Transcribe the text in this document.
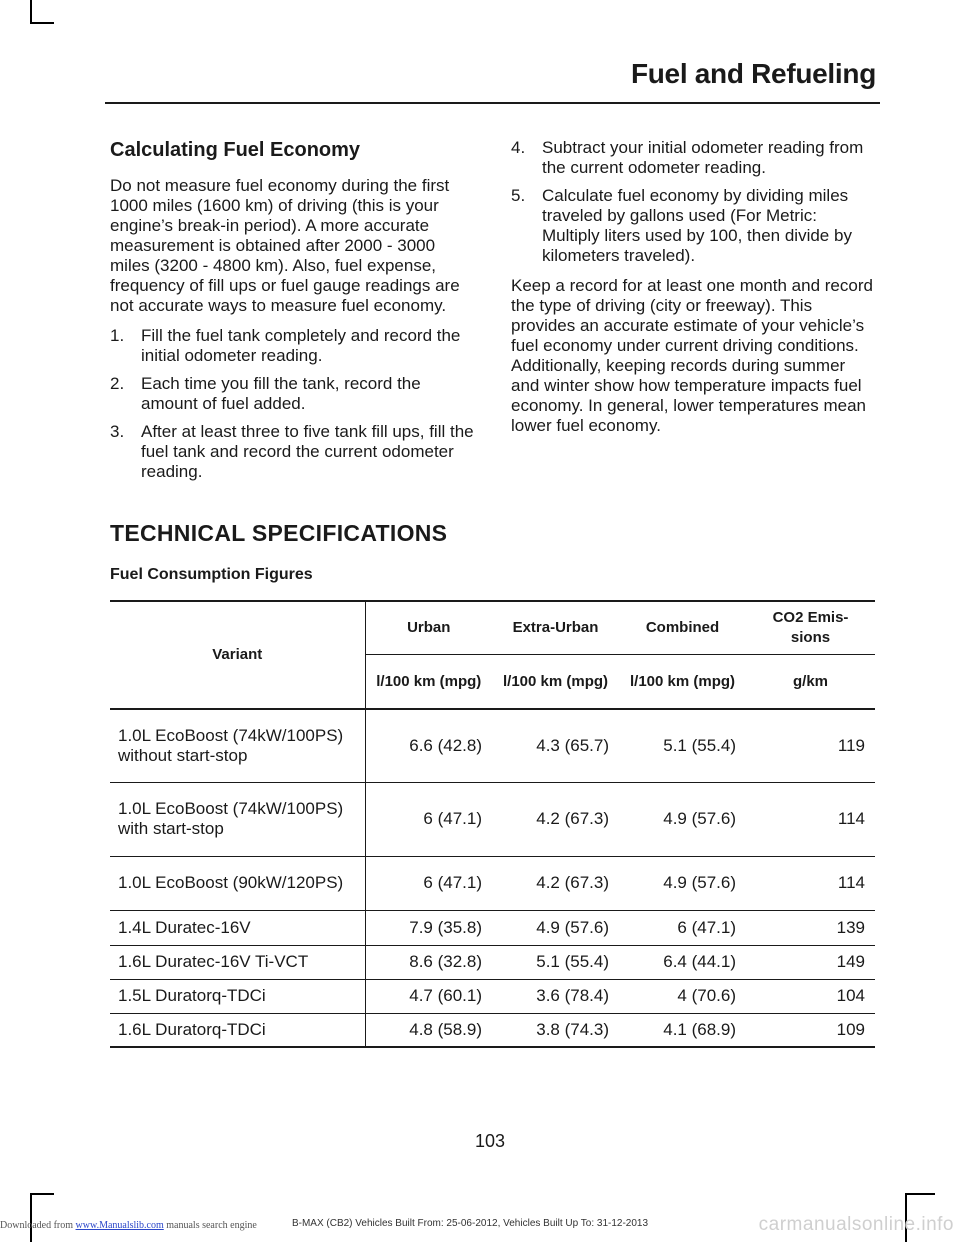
Fuel and Refueling
Calculating Fuel Economy

Do not measure fuel economy during the first 1000 miles (1600 km) of driving (this is your engine’s break-in period). A more accurate measurement is obtained after 2000 - 3000 miles (3200 - 4800 km). Also, fuel expense, frequency of fill ups or fuel gauge readings are not accurate ways to measure fuel economy.

1. Fill the fuel tank completely and record the initial odometer reading.
2. Each time you fill the tank, record the amount of fuel added.
3. After at least three to five tank fill ups, fill the fuel tank and record the current odometer reading.
4. Subtract your initial odometer reading from the current odometer reading.
5. Calculate fuel economy by dividing miles traveled by gallons used (For Metric: Multiply liters used by 100, then divide by kilometers traveled).

Keep a record for at least one month and record the type of driving (city or freeway). This provides an accurate estimate of your vehicle’s fuel economy under current driving conditions. Additionally, keeping records during summer and winter show how temperature impacts fuel economy. In general, lower temperatures mean lower fuel economy.

TECHNICAL SPECIFICATIONS
Fuel Consumption Figures
Variant	Urban	Extra-Urban	Combined	CO2 Emis-sions
	l/100 km (mpg)	l/100 km (mpg)	l/100 km (mpg)	g/km
1.0L EcoBoost (74kW/100PS) without start-stop	6.6 (42.8)	4.3 (65.7)	5.1 (55.4)	119
1.0L EcoBoost (74kW/100PS) with start-stop	6 (47.1)	4.2 (67.3)	4.9 (57.6)	114
1.0L EcoBoost (90kW/120PS)	6 (47.1)	4.2 (67.3)	4.9 (57.6)	114
1.4L Duratec-16V	7.9 (35.8)	4.9 (57.6)	6 (47.1)	139
1.6L Duratec-16V Ti-VCT	8.6 (32.8)	5.1 (55.4)	6.4 (44.1)	149
1.5L Duratorq-TDCi	4.7 (60.1)	3.6 (78.4)	4 (70.6)	104
1.6L Duratorq-TDCi	4.8 (58.9)	3.8 (74.3)	4.1 (68.9)	109

103

B-MAX (CB2) Vehicles Built From: 25-06-2012, Vehicles Built Up To: 31-12-2013

Downloaded from www.Manualslib.com manuals search engine	carmanualsonline.info
